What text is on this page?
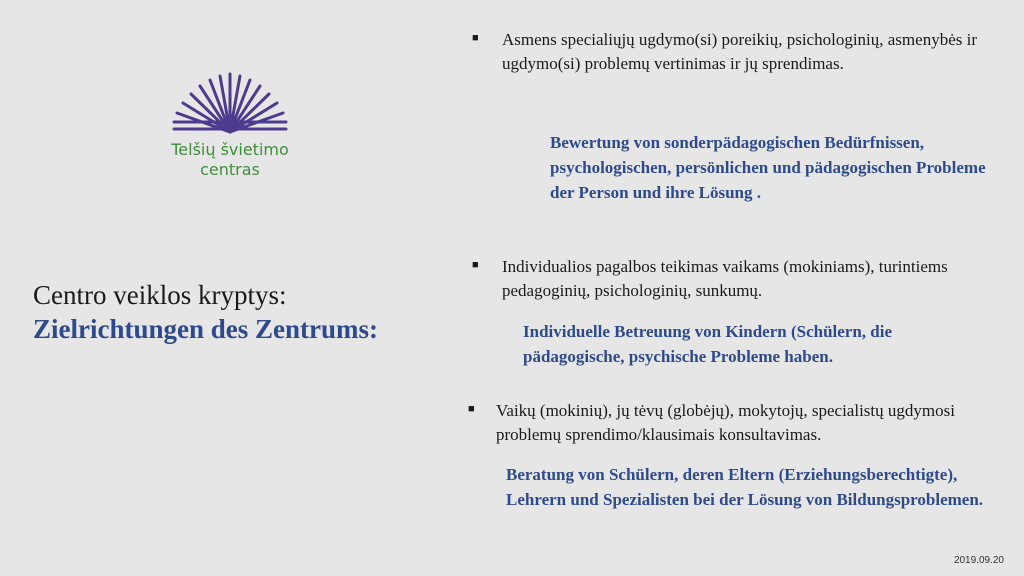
Telšių švietimo
centras
Centro veiklos kryptys:
Zielrichtungen des Zentrums:
■ Asmens specialiųjų ugdymo(si) poreikių, psichologinių, asmenybės ir ugdymo(si) problemų vertinimas ir jų sprendimas.
Bewertung von sonderpädagogischen Bedürfnissen, psychologischen, persönlichen und pädagogischen Probleme der Person und ihre Lösung .
■ Individualios pagalbos teikimas vaikams (mokiniams), turintiems pedagoginių, psichologinių, sunkumų.
Individuelle Betreuung von Kindern (Schülern, die pädagogische, psychische Probleme haben.
■ Vaikų (mokinių), jų tėvų (globėjų), mokytojų, specialistų ugdymosi problemų sprendimo/klausimais konsultavimas.
Beratung von Schülern, deren Eltern (Erziehungsberechtigte), Lehrern und Spezialisten bei der Lösung von Bildungsproblemen.
2019.09.20
